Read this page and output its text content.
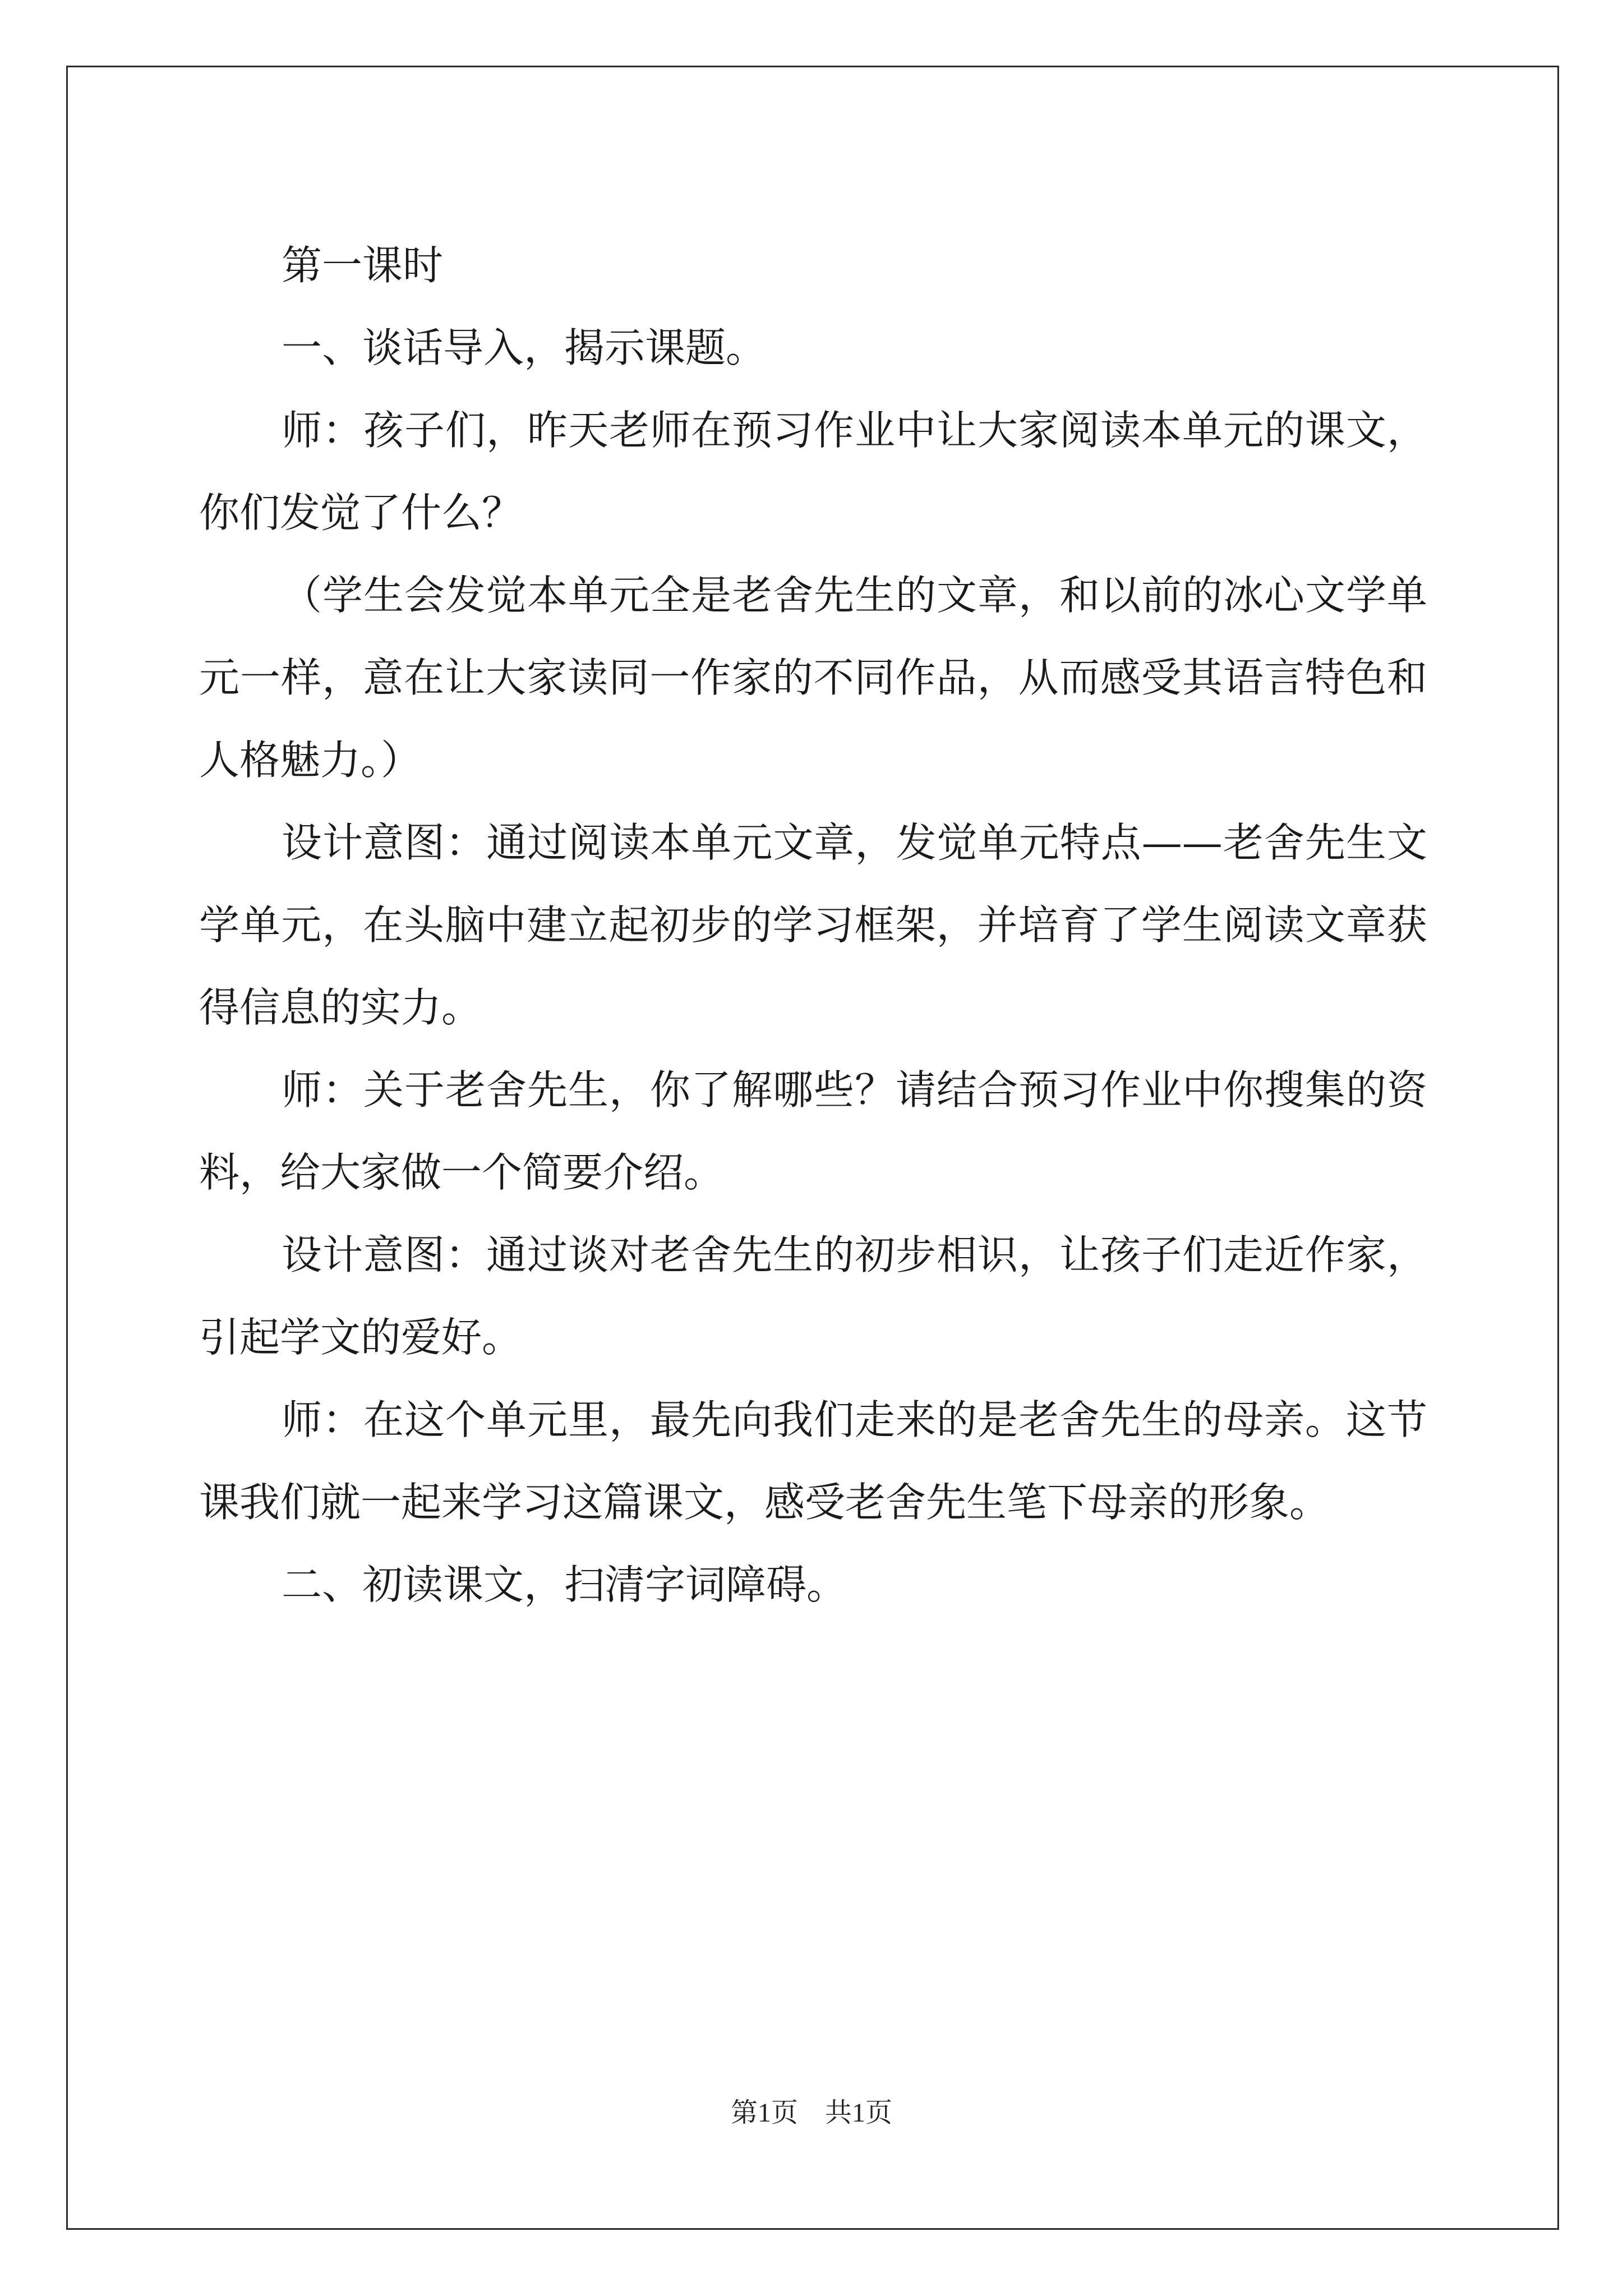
第一课时

一、谈话导入，揭示课题。

师：孩子们，昨天老师在预习作业中让大家阅读本单元的课文，你们发觉了什么？

（学生会发觉本单元全是老舍先生的文章，和以前的冰心文学单元一样，意在让大家读同一作家的不同作品，从而感受其语言特色和人格魅力。）

设计意图：通过阅读本单元文章，发觉单元特点——老舍先生文学单元，在头脑中建立起初步的学习框架，并培育了学生阅读文章获得信息的实力。

师：关于老舍先生，你了解哪些？请结合预习作业中你搜集的资料，给大家做一个简要介绍。

设计意图：通过谈对老舍先生的初步相识，让孩子们走近作家，引起学文的爱好。

师：在这个单元里，最先向我们走来的是老舍先生的母亲。这节课我们就一起来学习这篇课文，感受老舍先生笔下母亲的形象。

二、初读课文，扫清字词障碍。

第1页　共1页
